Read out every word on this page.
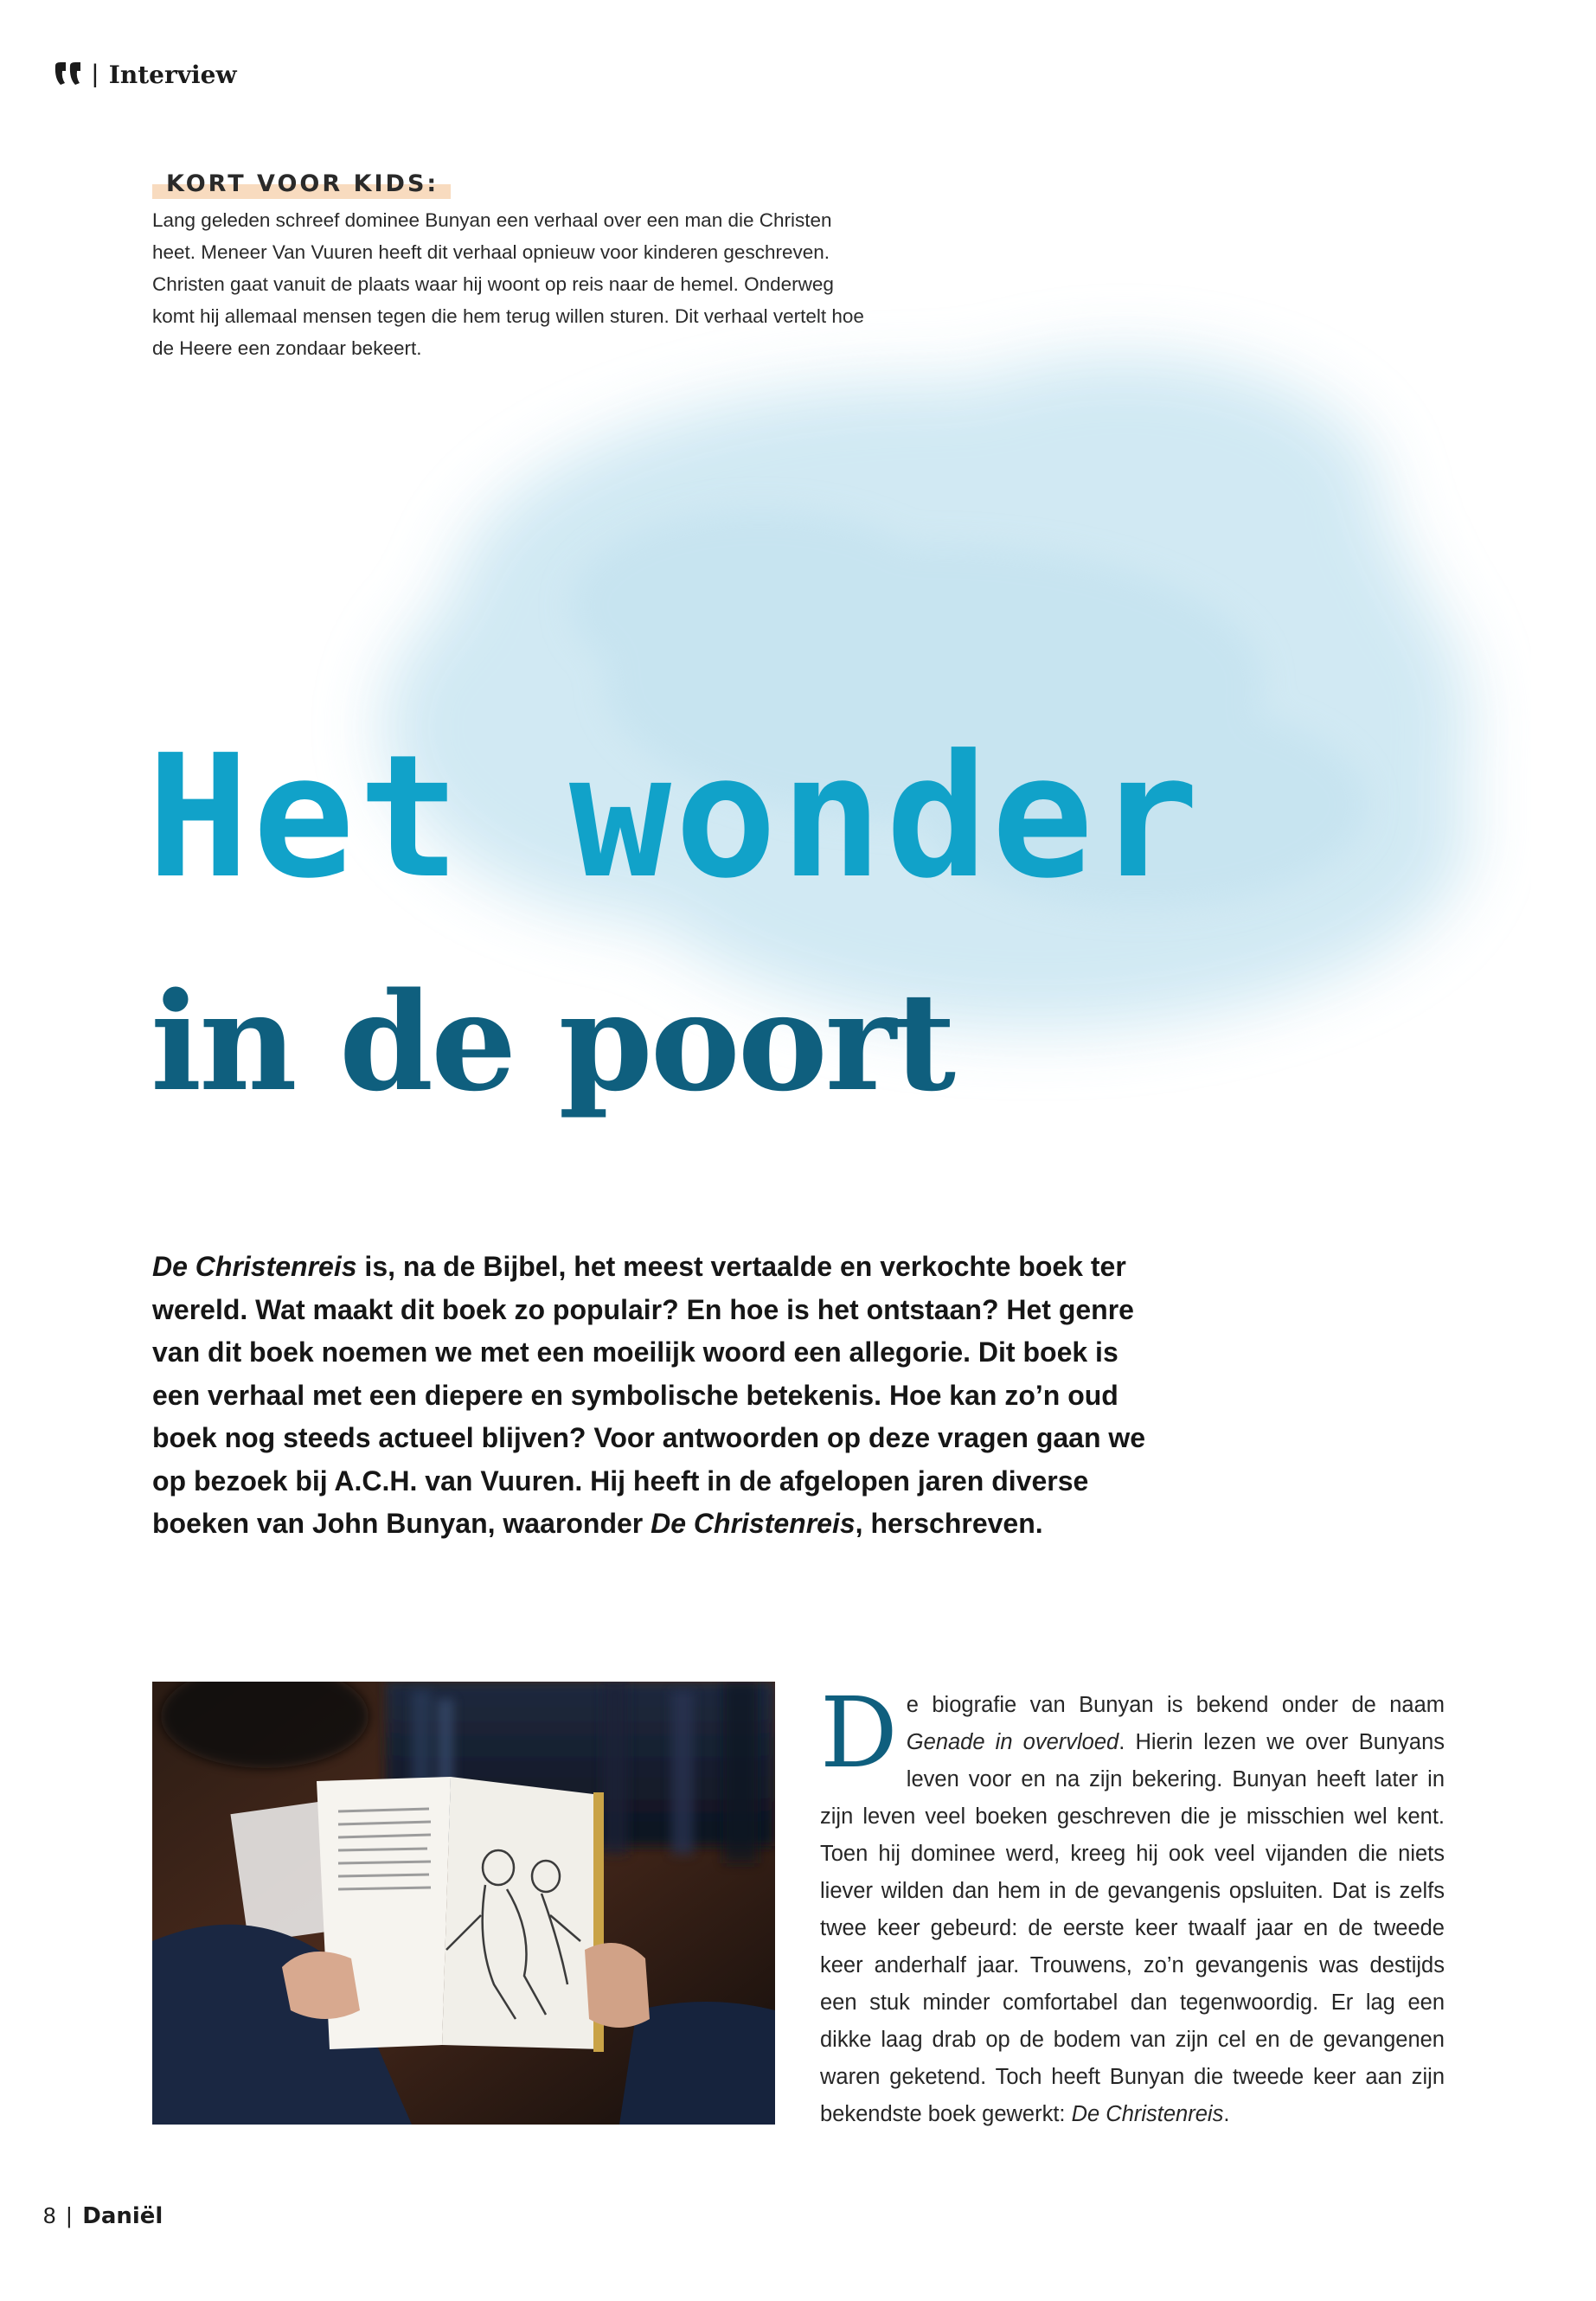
| Interview
KORT VOOR KIDS:
Lang geleden schreef dominee Bunyan een verhaal over een man die Christen heet. Meneer Van Vuuren heeft dit verhaal opnieuw voor kinderen geschreven. Christen gaat vanuit de plaats waar hij woont op reis naar de hemel. Onderweg komt hij allemaal mensen tegen die hem terug willen sturen. Dit verhaal vertelt hoe de Heere een zondaar bekeert.
Het wonder
in de poort
De Christenreis is, na de Bijbel, het meest vertaalde en verkochte boek ter wereld. Wat maakt dit boek zo populair? En hoe is het ontstaan? Het genre van dit boek noemen we met een moeilijk woord een allegorie. Dit boek is een verhaal met een diepere en symbolische betekenis. Hoe kan zo’n oud boek nog steeds actueel blijven? Voor antwoorden op deze vragen gaan we op bezoek bij A.C.H. van Vuuren. Hij heeft in de afgelopen jaren diverse boeken van John Bunyan, waaronder De Christenreis, herschreven.
De biografie van Bunyan is bekend onder de naam Genade in overvloed. Hierin lezen we over Bunyans leven voor en na zijn bekering. Bunyan heeft later in zijn leven veel boeken geschreven die je misschien wel kent. Toen hij dominee werd, kreeg hij ook veel vijanden die niets liever wilden dan hem in de gevangenis opsluiten. Dat is zelfs twee keer gebeurd: de eerste keer twaalf jaar en de tweede keer anderhalf jaar. Trouwens, zo’n gevangenis was destijds een stuk minder comfortabel dan tegenwoordig. Er lag een dikke laag drab op de bodem van zijn cel en de gevangenen waren geketend. Toch heeft Bunyan die tweede keer aan zijn bekendste boek gewerkt: De Christenreis.
8 | Daniël
